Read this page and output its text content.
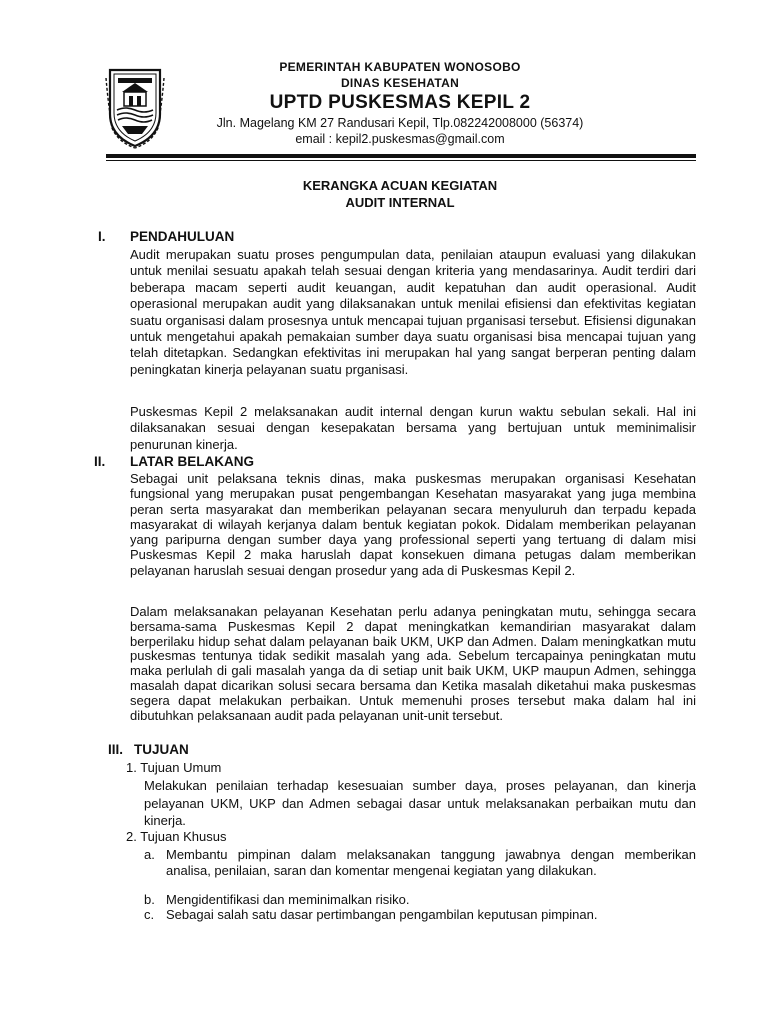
PEMERINTAH KABUPATEN WONOSOBO
DINAS KESEHATAN
UPTD PUSKESMAS KEPIL 2
Jln. Magelang KM 27 Randusari Kepil, Tlp.082242008000 (56374)
email : kepil2.puskesmas@gmail.com
KERANGKA ACUAN KEGIATAN
AUDIT INTERNAL
I. PENDAHULUAN

Audit merupakan suatu proses pengumpulan data, penilaian ataupun evaluasi yang dilakukan untuk menilai sesuatu apakah telah sesuai dengan kriteria yang mendasarinya. Audit terdiri dari beberapa macam seperti audit keuangan, audit kepatuhan dan audit operasional. Audit operasional merupakan audit yang dilaksanakan untuk menilai efisiensi dan efektivitas kegiatan suatu organisasi dalam prosesnya untuk mencapai tujuan prganisasi tersebut. Efisiensi digunakan untuk mengetahui apakah pemakaian sumber daya suatu organisasi bisa mencapai tujuan yang telah ditetapkan. Sedangkan efektivitas ini merupakan hal yang sangat berperan penting dalam peningkatan kinerja pelayanan suatu prganisasi.

Puskesmas Kepil 2 melaksanakan audit internal dengan kurun waktu sebulan sekali. Hal ini dilaksanakan sesuai dengan kesepakatan bersama yang bertujuan untuk meminimalisir penurunan kinerja.

II. LATAR BELAKANG

Sebagai unit pelaksana teknis dinas, maka puskesmas merupakan organisasi Kesehatan fungsional yang merupakan pusat pengembangan Kesehatan masyarakat yang juga membina peran serta masyarakat dan memberikan pelayanan secara menyuluruh dan terpadu kepada masyarakat di wilayah kerjanya dalam bentuk kegiatan pokok. Didalam memberikan pelayanan yang paripurna dengan sumber daya yang professional seperti yang tertuang di dalam misi Puskesmas Kepil 2 maka haruslah dapat konsekuen dimana petugas dalam memberikan pelayanan haruslah sesuai dengan prosedur yang ada di Puskesmas Kepil 2.

Dalam melaksanakan pelayanan Kesehatan perlu adanya peningkatan mutu, sehingga secara bersama-sama Puskesmas Kepil 2 dapat meningkatkan kemandirian masyarakat dalam berperilaku hidup sehat dalam pelayanan baik UKM, UKP dan Admen. Dalam meningkatkan mutu puskesmas tentunya tidak sedikit masalah yang ada. Sebelum tercapainya peningkatan mutu maka perlulah di gali masalah yanga da di setiap unit baik UKM, UKP maupun Admen, sehingga masalah dapat dicarikan solusi secara bersama dan Ketika masalah diketahui maka puskesmas segera dapat melakukan perbaikan. Untuk memenuhi proses tersebut maka dalam hal ini dibutuhkan pelaksanaan audit pada pelayanan unit-unit tersebut.

III. TUJUAN
1. Tujuan Umum

Melakukan penilaian terhadap kesesuaian sumber daya, proses pelayanan, dan kinerja pelayanan UKM, UKP dan Admen sebagai dasar untuk melaksanakan perbaikan mutu dan kinerja.

2. Tujuan Khusus
a. Membantu pimpinan dalam melaksanakan tanggung jawabnya dengan memberikan analisa, penilaian, saran dan komentar mengenai kegiatan yang dilakukan.
b. Mengidentifikasi dan meminimalkan risiko.
c. Sebagai salah satu dasar pertimbangan pengambilan keputusan pimpinan.
